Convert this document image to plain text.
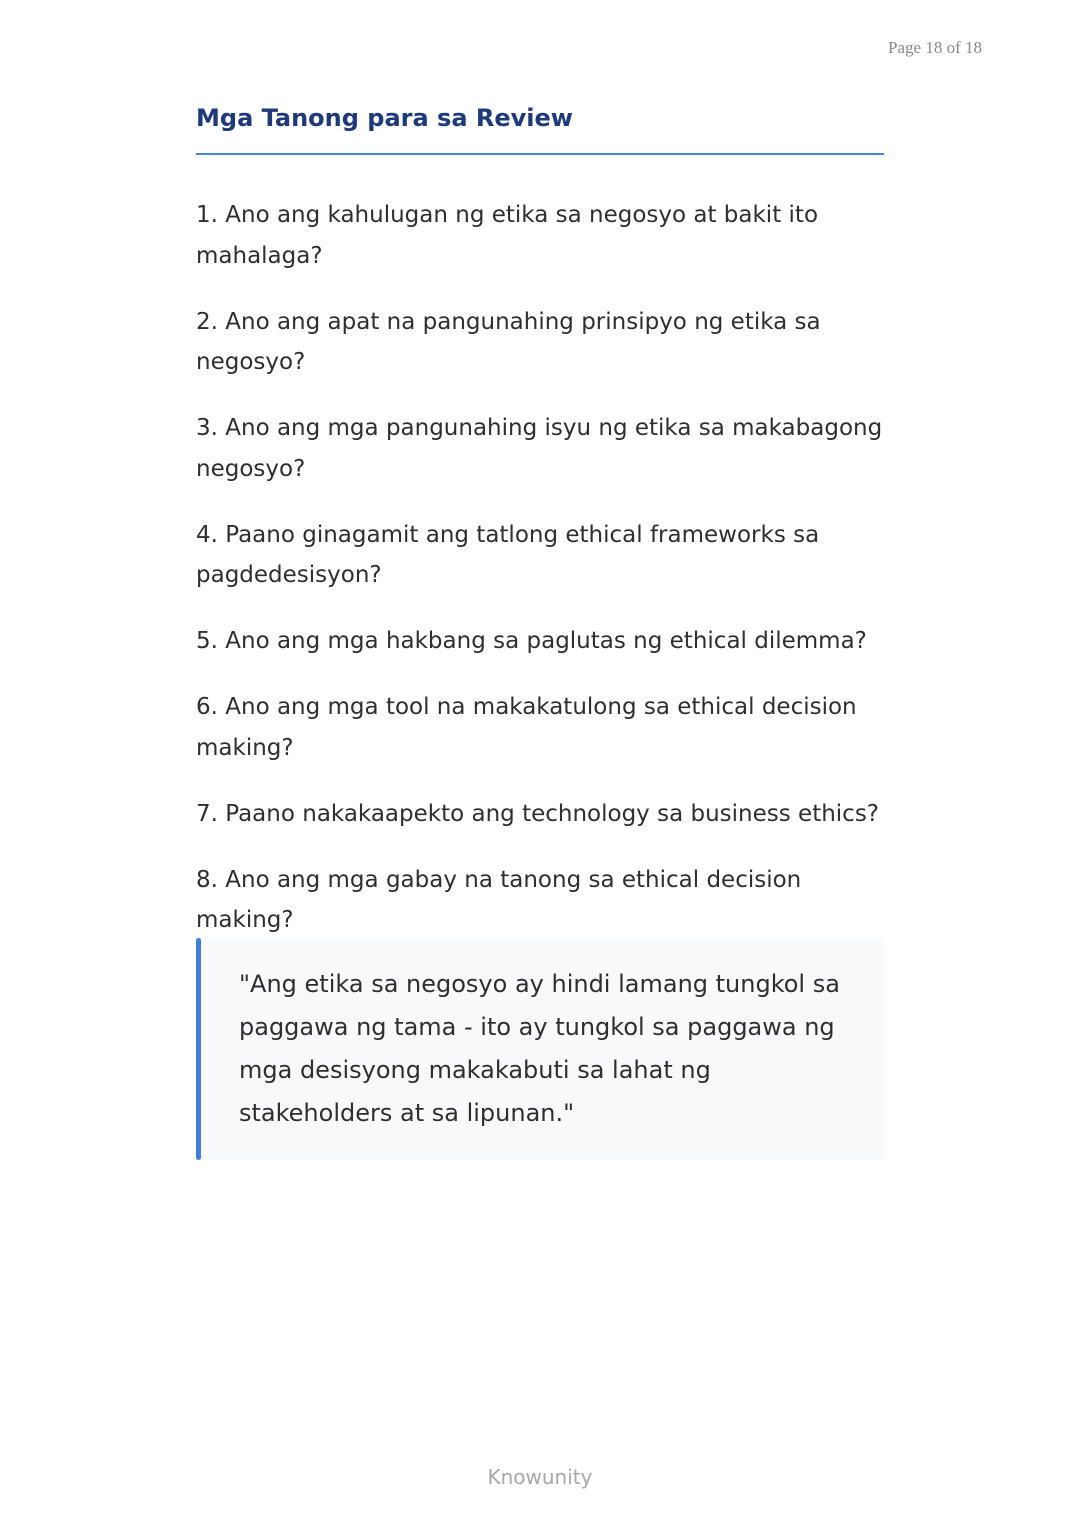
Page 18 of 18
Mga Tanong para sa Review
1. Ano ang kahulugan ng etika sa negosyo at bakit ito mahalaga?
2. Ano ang apat na pangunahing prinsipyo ng etika sa negosyo?
3. Ano ang mga pangunahing isyu ng etika sa makabagong negosyo?
4. Paano ginagamit ang tatlong ethical frameworks sa pagdedesisyon?
5. Ano ang mga hakbang sa paglutas ng ethical dilemma?
6. Ano ang mga tool na makakatulong sa ethical decision making?
7. Paano nakakaapekto ang technology sa business ethics?
8. Ano ang mga gabay na tanong sa ethical decision making?

"Ang etika sa negosyo ay hindi lamang tungkol sa paggawa ng tama - ito ay tungkol sa paggawa ng mga desisyong makakabuti sa lahat ng stakeholders at sa lipunan."

Knowunity
